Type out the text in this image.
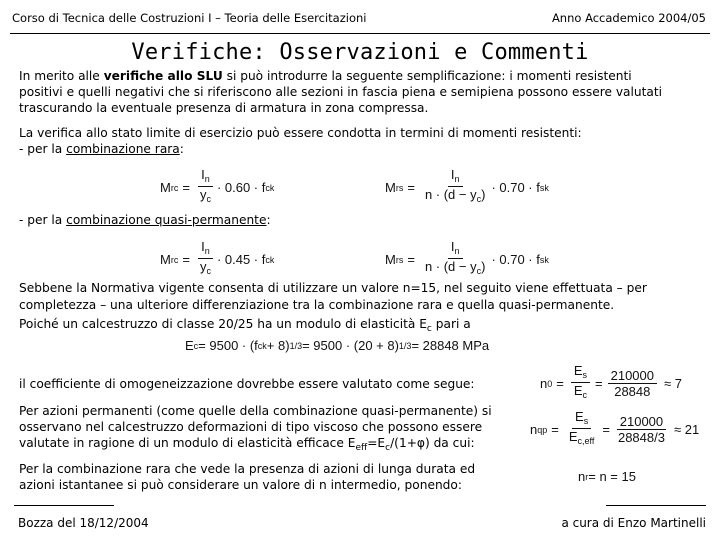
Corso di Tecnica delle Costruzioni I – Teoria delle Esercitazioni	Anno Accademico 2004/05
Verifiche: Osservazioni e Commenti
In merito alle verifiche allo SLU si può introdurre la seguente semplificazione: i momenti resistenti
positivi e quelli negativi che si riferiscono alle sezioni in fascia piena e semipiena possono essere valutati
trascurando la eventuale presenza di armatura in zona compressa.
La verifica allo stato limite di esercizio può essere condotta in termini di momenti resistenti:
- per la combinazione rara:
M rc = $\frac{I_n}{y_c} \cdot 0.60 \cdot f$ ck	M rs = $\frac{I_n}{n \cdot (d - y_c)} \cdot 0.70 \cdot f$ sk
- per la combinazione quasi-permanente:
M rc = $\frac{I_n}{y_c} \cdot 0.45 \cdot f$ ck	M rs = $\frac{I_n}{n \cdot (d - y_c)} \cdot 0.70 \cdot f$ sk
Sebbene la Normativa vigente consenta di utilizzare un valore n=15, nel seguito viene effettuata – per
completezza – una ulteriore differenziazione tra la combinazione rara e quella quasi-permanente.
Poiché un calcestruzzo di classe 20/25 ha un modulo di elasticità $E_c$ pari a
E c = 9500 · (f ck + 8) 1/3 = 9500 · (20 + 8) 1/3 = 28848 MPa
il coefficiente di omogeneizzazione dovrebbe essere valutato come segue:	n $0 = \frac{E_s}{E_c} = \frac{210000}{28848} \approx 7$
Per azioni permanenti (come quelle della combinazione quasi-permanente) si
osservano nel calcestruzzo deformazioni di tipo viscoso che possono essere
valutate in ragione di un modulo di elasticità efficace $E_{eff}=E_c/(1+\varphi)$ da cui:
n qp = $\frac{E_s}{E_{c,eff}} = \frac{210000}{28848/3} \approx 21$
Per la combinazione rara che vede la presenza di azioni di lunga durata ed
azioni istantanee si può considerare un valore di n intermedio, ponendo:
n r = n = 15
Bozza del 18/12/2004	a cura di Enzo Martinelli
